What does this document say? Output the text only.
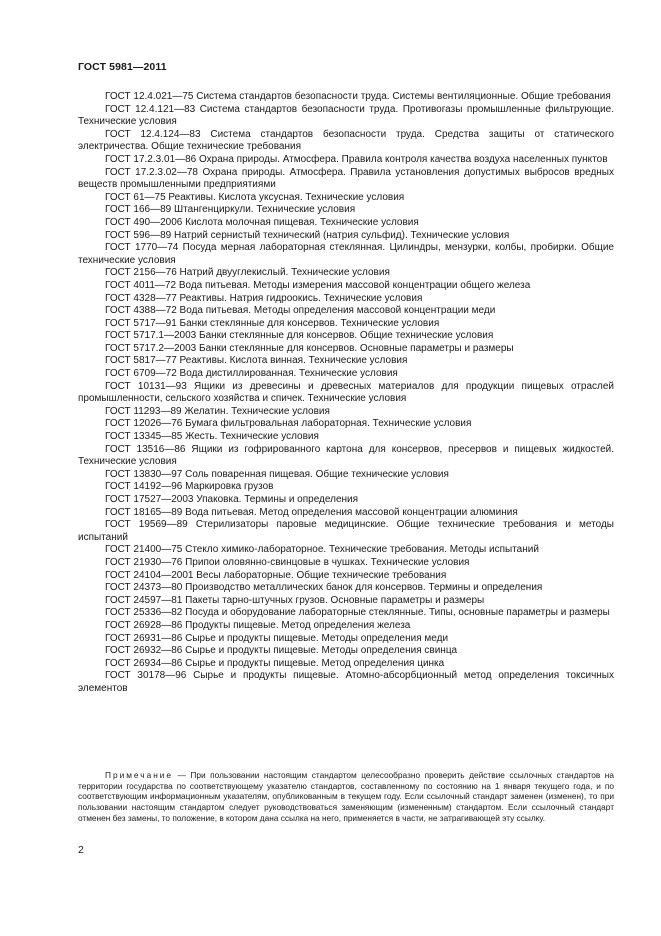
ГОСТ 5981—2011

ГОСТ 12.4.021—75 Система стандартов безопасности труда. Системы вентиляционные. Общие требования

ГОСТ 12.4.121—83 Система стандартов безопасности труда. Противогазы промышленные фильтрующие. Технические условия

ГОСТ 12.4.124—83 Система стандартов безопасности труда. Средства защиты от статического электричества. Общие технические требования

ГОСТ 17.2.3.01—86 Охрана природы. Атмосфера. Правила контроля качества воздуха населенных пунктов

ГОСТ 17.2.3.02—78 Охрана природы. Атмосфера. Правила установления допустимых выбросов вредных веществ промышленными предприятиями

ГОСТ 61—75 Реактивы. Кислота уксусная. Технические условия

ГОСТ 166—89 Штангенциркули. Технические условия

ГОСТ 490—2006 Кислота молочная пищевая. Технические условия

ГОСТ 596—89 Натрий сернистый технический (натрия сульфид). Технические условия

ГОСТ 1770—74 Посуда мерная лабораторная стеклянная. Цилиндры, мензурки, колбы, пробирки. Общие технические условия

ГОСТ 2156—76 Натрий двууглекислый. Технические условия

ГОСТ 4011—72 Вода питьевая. Методы измерения массовой концентрации общего железа

ГОСТ 4328—77 Реактивы. Натрия гидроокись. Технические условия

ГОСТ 4388—72 Вода питьевая. Методы определения массовой концентрации меди

ГОСТ 5717—91 Банки стеклянные для консервов. Технические условия

ГОСТ 5717.1—2003 Банки стеклянные для консервов. Общие технические условия

ГОСТ 5717.2—2003 Банки стеклянные для консервов. Основные параметры и размеры

ГОСТ 5817—77 Реактивы. Кислота винная. Технические условия

ГОСТ 6709—72 Вода дистиллированная. Технические условия

ГОСТ 10131—93 Ящики из древесины и древесных материалов для продукции пищевых отраслей промышленности, сельского хозяйства и спичек. Технические условия

ГОСТ 11293—89 Желатин. Технические условия

ГОСТ 12026—76 Бумага фильтровальная лабораторная. Технические условия

ГОСТ 13345—85 Жесть. Технические условия

ГОСТ 13516—86 Ящики из гофрированного картона для консервов, пресервов и пищевых жидкостей. Технические условия

ГОСТ 13830—97 Соль поваренная пищевая. Общие технические условия

ГОСТ 14192—96 Маркировка грузов

ГОСТ 17527—2003 Упаковка. Термины и определения

ГОСТ 18165—89 Вода питьевая. Метод определения массовой концентрации алюминия

ГОСТ 19569—89 Стерилизаторы паровые медицинские. Общие технические требования и методы испытаний

ГОСТ 21400—75 Стекло химико-лабораторное. Технические требования. Методы испытаний

ГОСТ 21930—76 Припои оловянно-свинцовые в чушках. Технические условия

ГОСТ 24104—2001 Весы лабораторные. Общие технические требования

ГОСТ 24373—80 Производство металлических банок для консервов. Термины и определения

ГОСТ 24597—81 Пакеты тарно-штучных грузов. Основные параметры и размеры

ГОСТ 25336—82 Посуда и оборудование лабораторные стеклянные. Типы, основные параметры и размеры

ГОСТ 26928—86 Продукты пищевые. Метод определения железа

ГОСТ 26931—86 Сырье и продукты пищевые. Методы определения меди

ГОСТ 26932—86 Сырье и продукты пищевые. Методы определения свинца

ГОСТ 26934—86 Сырье и продукты пищевые. Метод определения цинка

ГОСТ 30178—96 Сырье и продукты пищевые. Атомно-абсорбционный метод определения токсичных элементов

Примечание — При пользовании настоящим стандартом целесообразно проверить действие ссылочных стандартов на территории государства по соответствующему указателю стандартов, составленному по состоянию на 1 января текущего года, и по соответствующим информационным указателям, опубликованным в текущем году. Если ссылочный стандарт заменен (изменен), то при пользовании настоящим стандартом следует руководствоваться заменяющим (измененным) стандартом. Если ссылочный стандарт отменен без замены, то положение, в котором дана ссылка на него, применяется в части, не затрагивающей эту ссылку.
2
